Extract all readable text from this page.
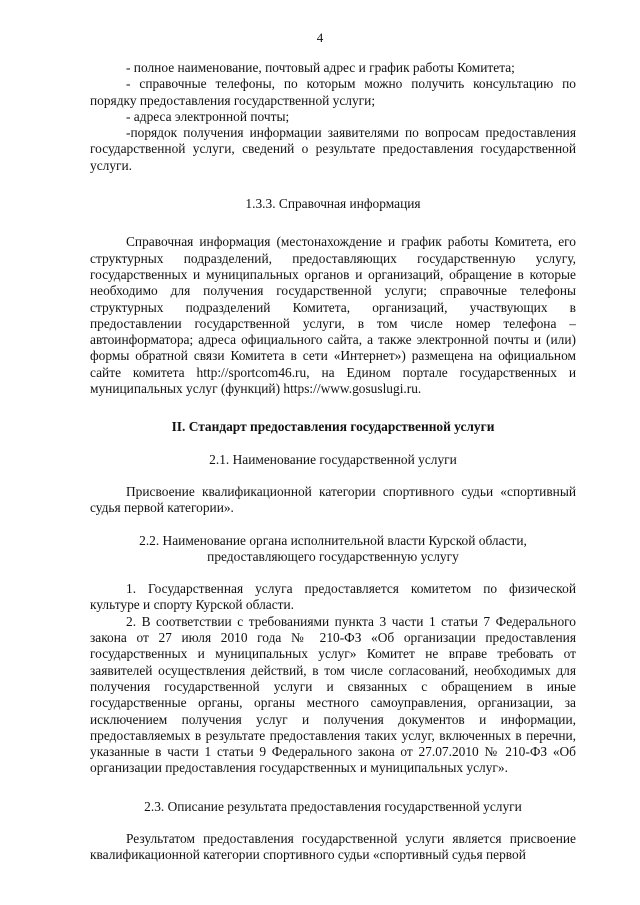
4

- полное наименование, почтовый адрес и график работы Комитета;

- справочные телефоны, по которым можно получить консультацию по порядку предоставления государственной услуги;

- адреса электронной почты;

-порядок получения информации заявителями по вопросам предоставления государственной услуги, сведений о результате предоставления государственной услуги.

1.3.3. Справочная информация

Справочная информация (местонахождение и график работы Комитета, его структурных подразделений, предоставляющих государственную услугу, государственных и муниципальных органов и организаций, обращение в которые необходимо для получения государственной услуги; справочные телефоны структурных подразделений Комитета, организаций, участвующих в предоставлении государственной услуги, в том числе номер телефона – автоинформатора; адреса официального сайта, а также электронной почты и (или) формы обратной связи Комитета в сети «Интернет») размещена на официальном сайте комитета http://sportcom46.ru, на Едином портале государственных и муниципальных услуг (функций) https://www.gosuslugi.ru.

II. Стандарт предоставления государственной услуги

2.1. Наименование государственной услуги

Присвоение квалификационной категории спортивного судьи «спортивный судья первой категории».

2.2. Наименование органа исполнительной власти Курской области,

предоставляющего государственную услугу

1. Государственная услуга предоставляется комитетом по физической культуре и спорту Курской области.

2. В соответствии с требованиями пункта 3 части 1 статьи 7 Федерального закона от 27 июля 2010 года № 210-ФЗ «Об организации предоставления государственных и муниципальных услуг» Комитет не вправе требовать от заявителей осуществления действий, в том числе согласований, необходимых для получения государственной услуги и связанных с обращением в иные государственные органы, органы местного самоуправления, организации, за исключением получения услуг и получения документов и информации, предоставляемых в результате предоставления таких услуг, включенных в перечни, указанные в части 1 статьи 9 Федерального закона от 27.07.2010 № 210-ФЗ «Об организации предоставления государственных и муниципальных услуг».

2.3. Описание результата предоставления государственной услуги

Результатом предоставления государственной услуги является присвоение квалификационной категории спортивного судьи «спортивный судья первой
